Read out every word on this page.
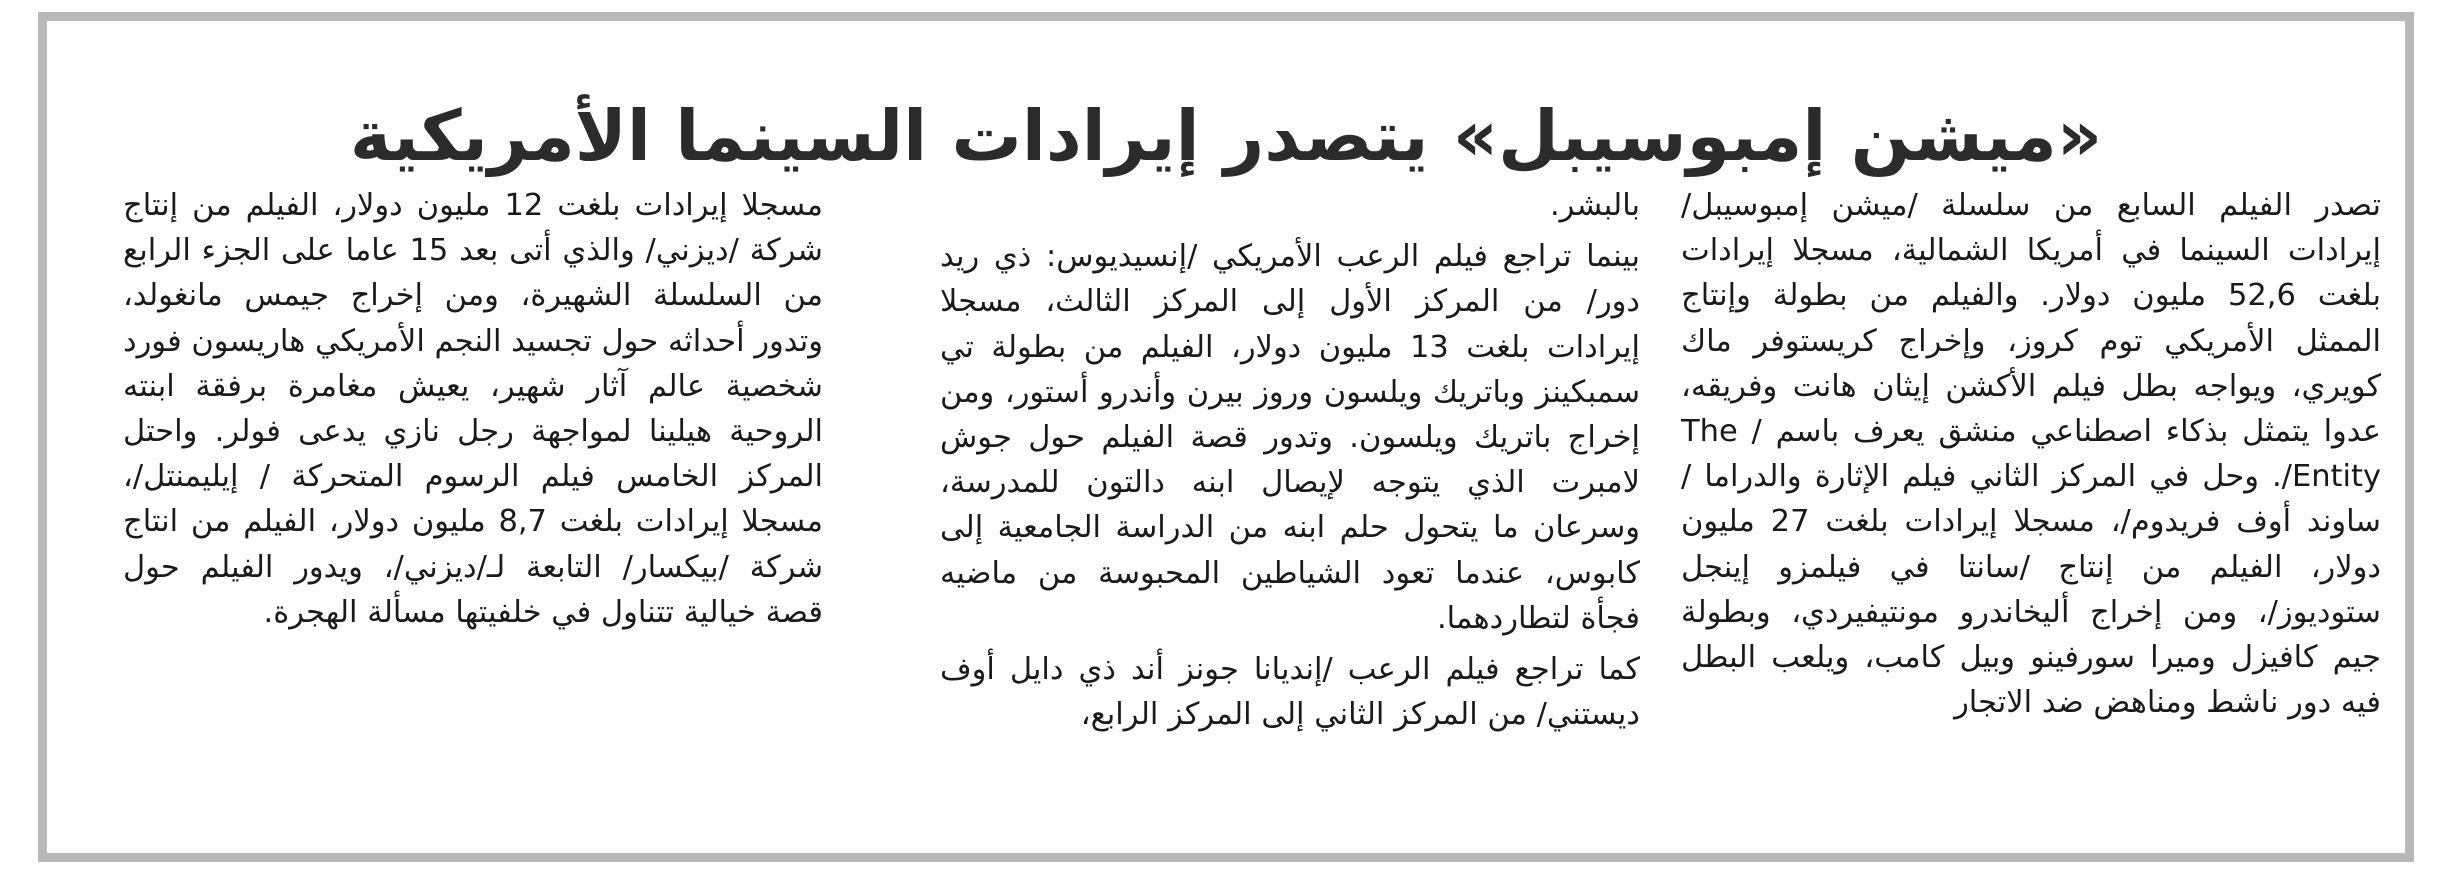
«ميشن إمبوسيبل» يتصدر إيرادات السينما الأمريكية

تصدر الفيلم السابع من سلسلة /ميشن إمبوسيبل/ إيرادات السينما في أمريكا الشمالية، مسجلا إيرادات بلغت 52,6 مليون دولار. والفيلم من بطولة وإنتاج الممثل الأمريكي توم كروز، وإخراج كريستوفر ماك كويري، ويواجه بطل فيلم الأكشن إيثان هانت وفريقه، عدوا يتمثل بذكاء اصطناعي منشق يعرف باسم / The Entity/. وحل في المركز الثاني فيلم الإثارة والدراما /ساوند أوف فريدوم/، مسجلا إيرادات بلغت 27 مليون دولار، الفيلم من إنتاج /سانتا في فيلمزو إينجل ستوديوز/، ومن إخراج أليخاندرو مونتيفيردي، وبطولة جيم كافيزل وميرا سورفينو وبيل كامب، ويلعب البطل فيه دور ناشط ومناهض ضد الاتجار

بالبشر.

بينما تراجع فيلم الرعب الأمريكي /إنسيديوس: ذي ريد دور/ من المركز الأول إلى المركز الثالث، مسجلا إيرادات بلغت 13 مليون دولار، الفيلم من بطولة تي سمبكينز وباتريك ويلسون وروز بيرن وأندرو أستور، ومن إخراج باتريك ويلسون. وتدور قصة الفيلم حول جوش لامبرت الذي يتوجه لإيصال ابنه دالتون للمدرسة، وسرعان ما يتحول حلم ابنه من الدراسة الجامعية إلى كابوس، عندما تعود الشياطين المحبوسة من ماضيه فجأة لتطاردهما.

كما تراجع فيلم الرعب /إنديانا جونز أند ذي دايل أوف ديستني/ من المركز الثاني إلى المركز الرابع،

مسجلا إيرادات بلغت 12 مليون دولار، الفيلم من إنتاج شركة /ديزني/ والذي أتى بعد 15 عاما على الجزء الرابع من السلسلة الشهيرة، ومن إخراج جيمس مانغولد، وتدور أحداثه حول تجسيد النجم الأمريكي هاريسون فورد شخصية عالم آثار شهير، يعيش مغامرة برفقة ابنته الروحية هيلينا لمواجهة رجل نازي يدعى فولر. واحتل المركز الخامس فيلم الرسوم المتحركة / إيليمنتل/، مسجلا إيرادات بلغت 8,7 مليون دولار، الفيلم من انتاج شركة /بيكسار/ التابعة لـ/ديزني/، ويدور الفيلم حول قصة خيالية تتناول في خلفيتها مسألة الهجرة.
